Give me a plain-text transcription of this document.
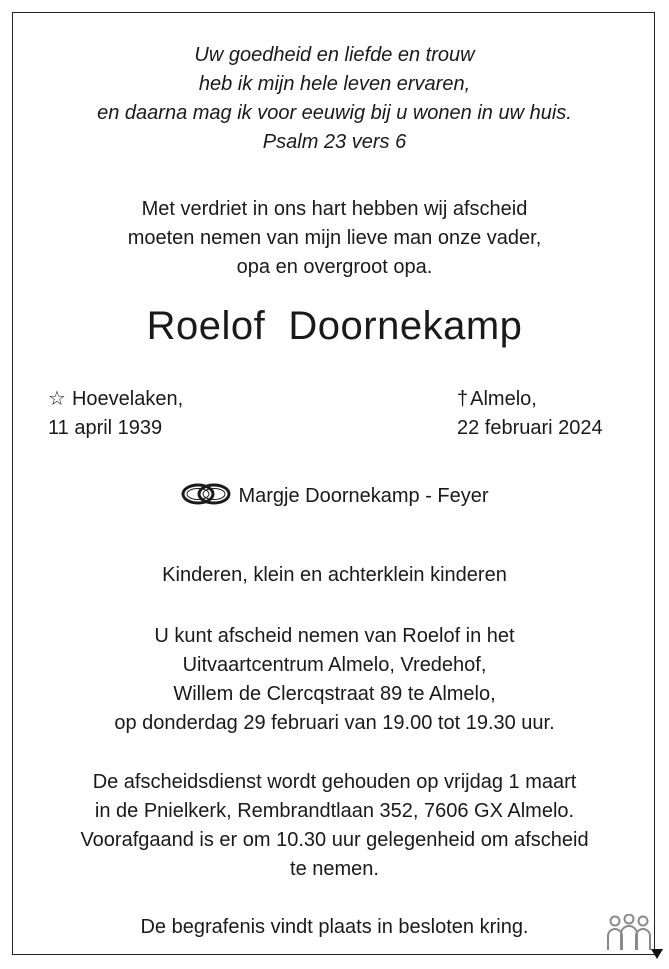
Uw goedheid en liefde en trouw
heb ik mijn hele leven ervaren,
en daarna mag ik voor eeuwig bij u wonen in uw huis.
Psalm 23 vers 6
Met verdriet in ons hart hebben wij afscheid
moeten nemen van mijn lieve man onze vader,
opa en overgroot opa.
Roelof  Doornekamp
☆ Hoevelaken,
11 april 1939
† Almelo,
22 februari 2024
Margje Doornekamp - Feyer
Kinderen, klein en achterklein kinderen
U kunt afscheid nemen van Roelof in het
Uitvaartcentrum Almelo, Vredehof,
Willem de Clercqstraat 89 te Almelo,
op donderdag 29 februari van 19.00 tot 19.30 uur.
De afscheidsdienst wordt gehouden op vrijdag 1 maart
in de Pnielkerk, Rembrandtlaan 352, 7606 GX Almelo.
Voorafgaand is er om 10.30 uur gelegenheid om afscheid
te nemen.
De begrafenis vindt plaats in besloten kring.
